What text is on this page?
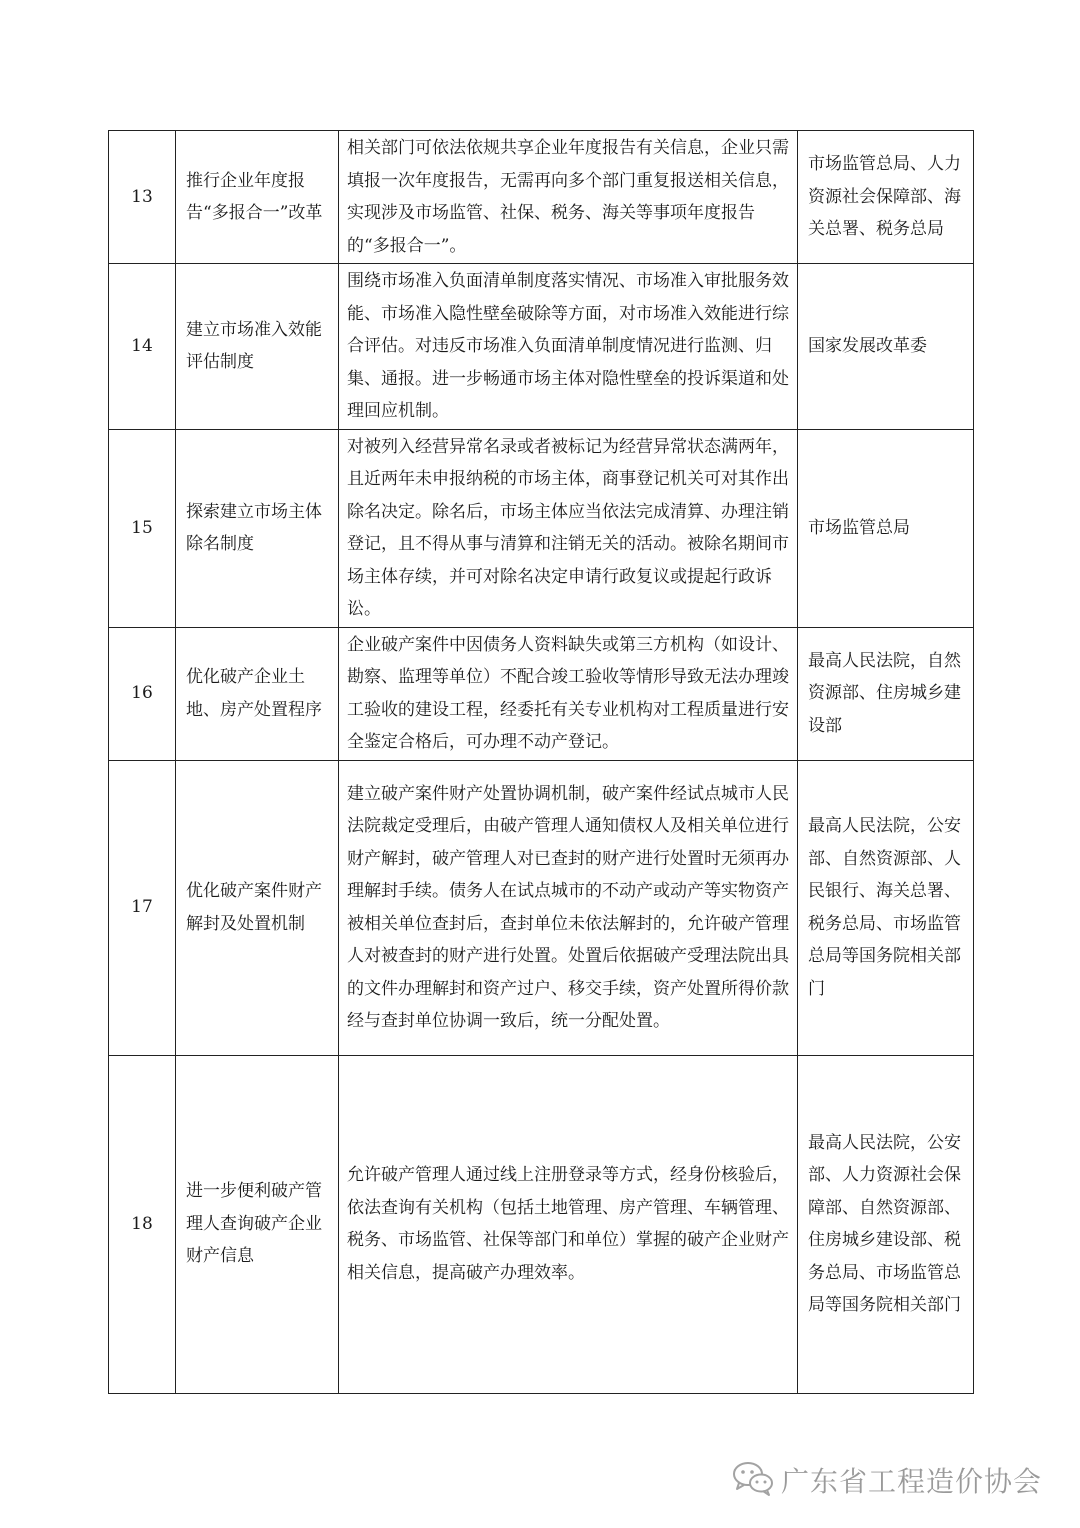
13	推行企业年度报告“多报合一”改革	相关部门可依法依规共享企业年度报告有关信息，企业只需填报一次年度报告，无需再向多个部门重复报送相关信息，实现涉及市场监管、社保、税务、海关等事项年度报告的“多报合一”。	市场监管总局、人力资源社会保障部、海关总署、税务总局
14	建立市场准入效能评估制度	围绕市场准入负面清单制度落实情况、市场准入审批服务效能、市场准入隐性壁垒破除等方面，对市场准入效能进行综合评估。对违反市场准入负面清单制度情况进行监测、归集、通报。进一步畅通市场主体对隐性壁垒的投诉渠道和处理回应机制。	国家发展改革委
15	探索建立市场主体除名制度	对被列入经营异常名录或者被标记为经营异常状态满两年，且近两年未申报纳税的市场主体，商事登记机关可对其作出除名决定。除名后，市场主体应当依法完成清算、办理注销登记，且不得从事与清算和注销无关的活动。被除名期间市场主体存续，并可对除名决定申请行政复议或提起行政诉讼。	市场监管总局
16	优化破产企业土地、房产处置程序	企业破产案件中因债务人资料缺失或第三方机构（如设计、勘察、监理等单位）不配合竣工验收等情形导致无法办理竣工验收的建设工程，经委托有关专业机构对工程质量进行安全鉴定合格后，可办理不动产登记。	最高人民法院，自然资源部、住房城乡建设部
17	优化破产案件财产解封及处置机制	建立破产案件财产处置协调机制，破产案件经试点城市人民法院裁定受理后，由破产管理人通知债权人及相关单位进行财产解封，破产管理人对已查封的财产进行处置时无须再办理解封手续。债务人在试点城市的不动产或动产等实物资产被相关单位查封后，查封单位未依法解封的，允许破产管理人对被查封的财产进行处置。处置后依据破产受理法院出具的文件办理解封和资产过户、移交手续，资产处置所得价款经与查封单位协调一致后，统一分配处置。	最高人民法院，公安部、自然资源部、人民银行、海关总署、税务总局、市场监管总局等国务院相关部门
18	进一步便利破产管理人查询破产企业财产信息	允许破产管理人通过线上注册登录等方式，经身份核验后，依法查询有关机构（包括土地管理、房产管理、车辆管理、税务、市场监管、社保等部门和单位）掌握的破产企业财产相关信息，提高破产办理效率。	最高人民法院，公安部、人力资源社会保障部、自然资源部、住房城乡建设部、税务总局、市场监管总局等国务院相关部门
广东省工程造价协会
